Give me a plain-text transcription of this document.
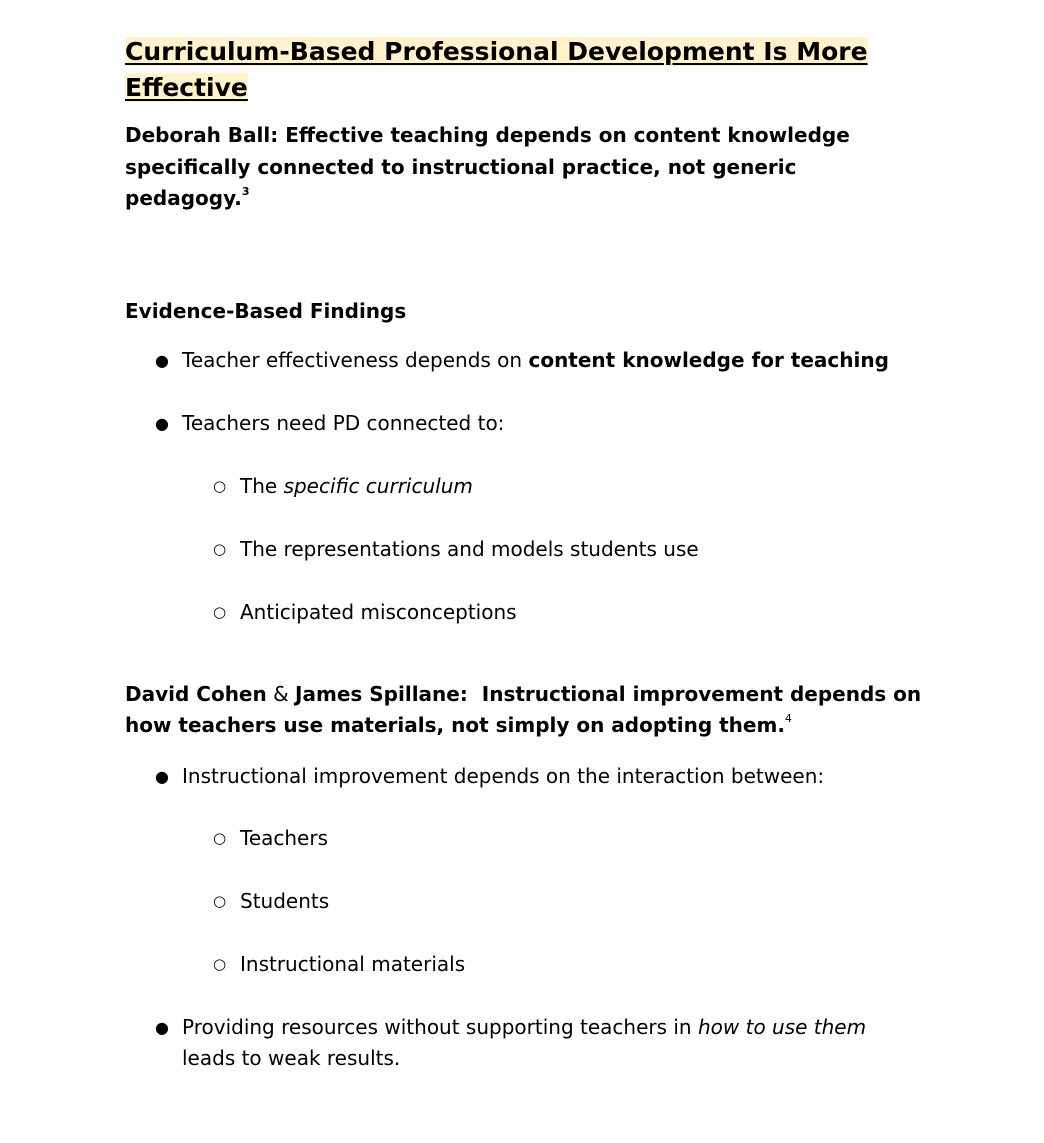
Curriculum-Based Professional Development Is More
Effective

Deborah Ball: Effective teaching depends on content knowledge specifically connected to instructional practice, not generic pedagogy.$^3$

Evidence-Based Findings
● Teacher effectiveness depends on content knowledge for teaching
● Teachers need PD connected to:
○ The specific curriculum
○ The representations and models students use
○ Anticipated misconceptions

David Cohen & James Spillane:  Instructional improvement depends on how teachers use materials, not simply on adopting them.$^4$

● Instructional improvement depends on the interaction between:
○ Teachers
○ Students
○ Instructional materials
● Providing resources without supporting teachers in how to use them leads to weak results.
